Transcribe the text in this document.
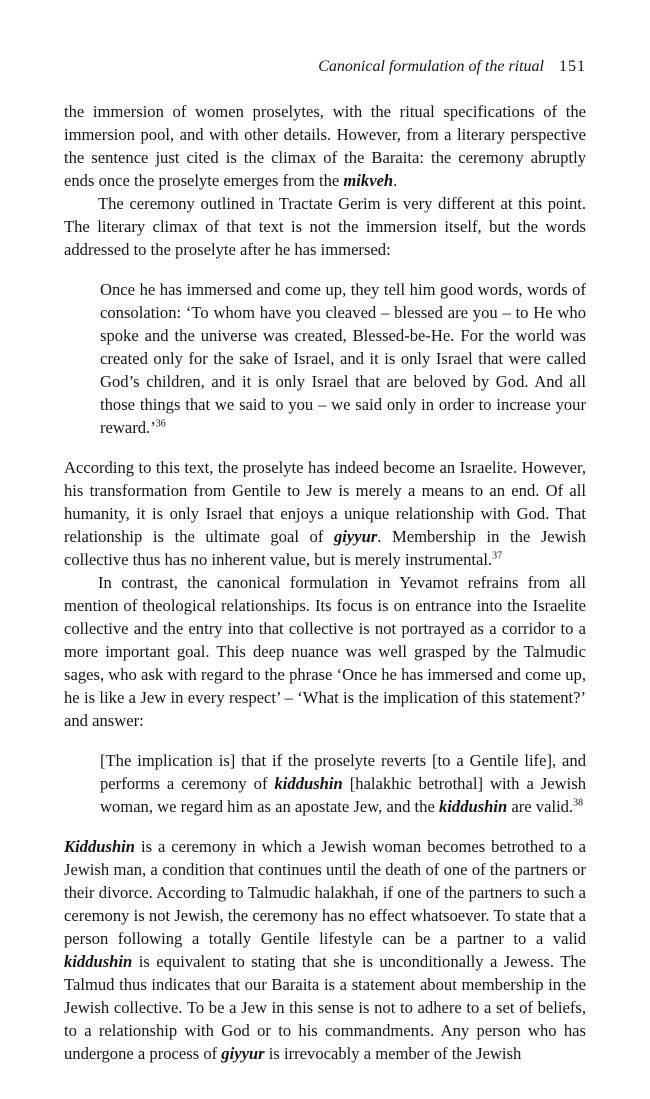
Canonical formulation of the ritual 151

the immersion of women proselytes, with the ritual specifications of the immersion pool, and with other details. However, from a literary perspective the sentence just cited is the climax of the Baraita: the ceremony abruptly ends once the proselyte emerges from the mikveh.

The ceremony outlined in Tractate Gerim is very different at this point. The literary climax of that text is not the immersion itself, but the words addressed to the proselyte after he has immersed:

Once he has immersed and come up, they tell him good words, words of consolation: ‘To whom have you cleaved – blessed are you – to He who spoke and the universe was created, Blessed-be-He. For the world was created only for the sake of Israel, and it is only Israel that were called God’s children, and it is only Israel that are beloved by God. And all those things that we said to you – we said only in order to increase your reward.’$^{36}$

According to this text, the proselyte has indeed become an Israelite. However, his transformation from Gentile to Jew is merely a means to an end. Of all humanity, it is only Israel that enjoys a unique relationship with God. That relationship is the ultimate goal of giyyur. Membership in the Jewish collective thus has no inherent value, but is merely instrumental.$^{37}$

In contrast, the canonical formulation in Yevamot refrains from all mention of theological relationships. Its focus is on entrance into the Israelite collective and the entry into that collective is not portrayed as a corridor to a more important goal. This deep nuance was well grasped by the Talmudic sages, who ask with regard to the phrase ‘Once he has immersed and come up, he is like a Jew in every respect’ – ‘What is the implication of this statement?’ and answer:

[The implication is] that if the proselyte reverts [to a Gentile life], and performs a ceremony of kiddushin [halakhic betrothal] with a Jewish woman, we regard him as an apostate Jew, and the kiddushin are valid.$^{38}$

Kiddushin is a ceremony in which a Jewish woman becomes betrothed to a Jewish man, a condition that continues until the death of one of the partners or their divorce. According to Talmudic halakhah, if one of the partners to such a ceremony is not Jewish, the ceremony has no effect whatsoever. To state that a person following a totally Gentile lifestyle can be a partner to a valid kiddushin is equivalent to stating that she is unconditionally a Jewess. The Talmud thus indicates that our Baraita is a statement about membership in the Jewish collective. To be a Jew in this sense is not to adhere to a set of beliefs, to a relationship with God or to his commandments. Any person who has undergone a process of giyyur is irrevocably a member of the Jewish
